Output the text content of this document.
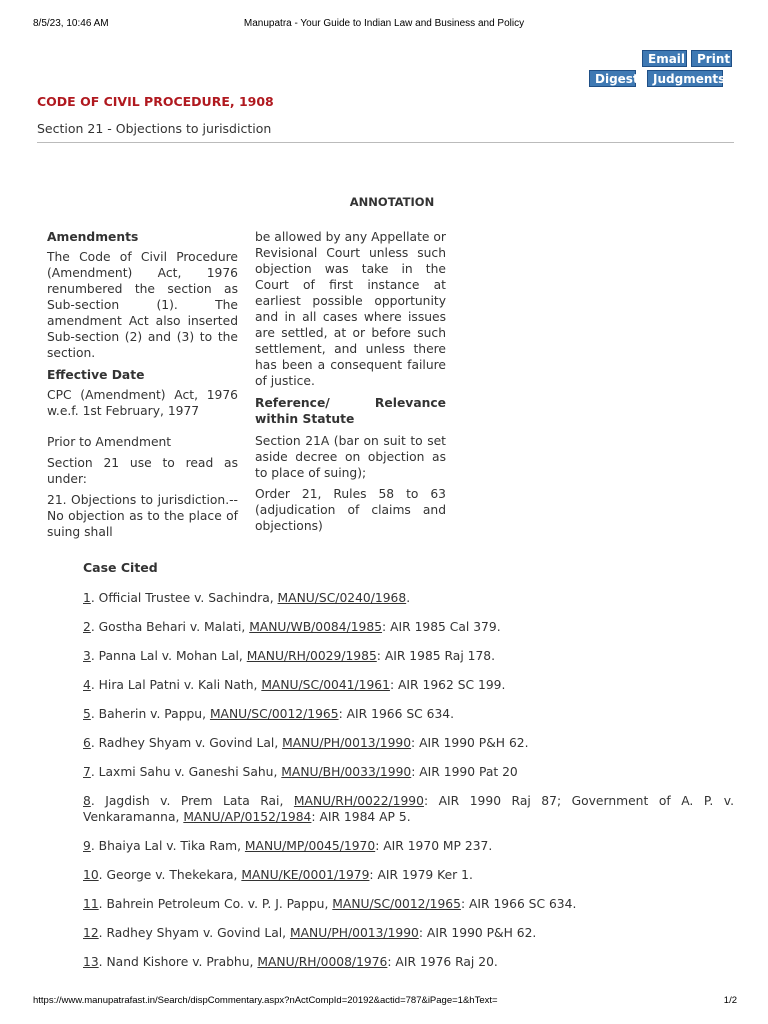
8/5/23, 10:46 AM	Manupatra - Your Guide to Indian Law and Business and Policy
Email Print
Digest	Judgments
CODE OF CIVIL PROCEDURE, 1908
Section 21 - Objections to jurisdiction
ANNOTATION
Amendments

The Code of Civil Procedure (Amendment) Act, 1976 renumbered the section as Sub-section (1). The amendment Act also inserted Sub-section (2) and (3) to the section.

Effective Date

CPC (Amendment) Act, 1976 w.e.f. 1st February, 1977

Prior to Amendment

Section 21 use to read as under:

21. Objections to jurisdiction.-- No objection as to the place of suing shall

be allowed by any Appellate or Revisional Court unless such objection was take in the Court of first instance at earliest possible opportunity and in all cases where issues are settled, at or before such settlement, and unless there has been a consequent failure of justice.

Reference/ Relevance within Statute

Section 21A (bar on suit to set aside decree on objection as to place of suing);

Order 21, Rules 58 to 63 (adjudication of claims and objections)

Case Cited
1. Official Trustee v. Sachindra, MANU/SC/0240/1968.
2. Gostha Behari v. Malati, MANU/WB/0084/1985: AIR 1985 Cal 379.
3. Panna Lal v. Mohan Lal, MANU/RH/0029/1985: AIR 1985 Raj 178.
4. Hira Lal Patni v. Kali Nath, MANU/SC/0041/1961: AIR 1962 SC 199.
5. Baherin v. Pappu, MANU/SC/0012/1965: AIR 1966 SC 634.
6. Radhey Shyam v. Govind Lal, MANU/PH/0013/1990: AIR 1990 P&H 62.
7. Laxmi Sahu v. Ganeshi Sahu, MANU/BH/0033/1990: AIR 1990 Pat 20
8. Jagdish v. Prem Lata Rai, MANU/RH/0022/1990: AIR 1990 Raj 87; Government of A. P. v. Venkaramanna, MANU/AP/0152/1984: AIR 1984 AP 5.
9. Bhaiya Lal v. Tika Ram, MANU/MP/0045/1970: AIR 1970 MP 237.
10. George v. Thekekara, MANU/KE/0001/1979: AIR 1979 Ker 1.
11. Bahrein Petroleum Co. v. P. J. Pappu, MANU/SC/0012/1965: AIR 1966 SC 634.
12. Radhey Shyam v. Govind Lal, MANU/PH/0013/1990: AIR 1990 P&H 62.
13. Nand Kishore v. Prabhu, MANU/RH/0008/1976: AIR 1976 Raj 20.
https://www.manupatrafast.in/Search/dispCommentary.aspx?nActCompId=20192&actid=787&iPage=1&hText=	1/2
